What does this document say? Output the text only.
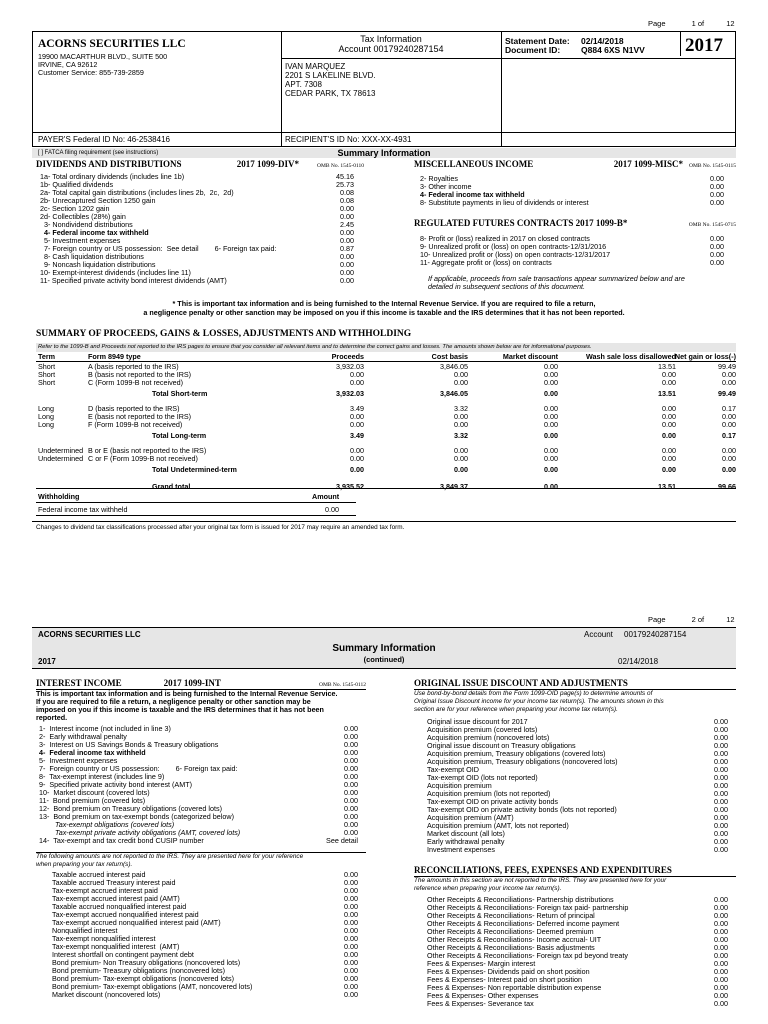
Page	1 of	12
ACORNS SECURITIES LLC
19900 MACARTHUR BLVD., SUITE 500
IRVINE, CA 92612
Customer Service: 855-739-2859
PAYER'S Federal ID No: 46-2538416
Tax Information
Account 00179240287154
IVAN MARQUEZ
2201 S LAKELINE BLVD.
APT. 7308
CEDAR PARK, TX 78613
RECIPIENT'S ID No: XXX-XX-4931
Statement Date: 02/14/2018
Document ID: Q884 6XS N1VV 2017
[ ] FATCA filing requirement (see instructions)	Summary Information
DIVIDENDS AND DISTRIBUTIONS	2017 1099-DIV*	OMB No. 1545-0110
1a- Total ordinary dividends (includes line 1b)	45.16
1b- Qualified dividends	25.73
2a- Total capital gain distributions (includes lines 2b,  2c,  2d)	0.08
2b- Unrecaptured Section 1250 gain	0.08
2c- Section 1202 gain	0.00
2d- Collectibles (28%) gain	0.00
3- Nondividend distributions	2.45
4- Federal income tax withheld	0.00
5- Investment expenses	0.00
7- Foreign country or US possession:  See detail        6- Foreign tax paid:	0.87
8- Cash liquidation distributions	0.00
9- Noncash liquidation distributions	0.00
10- Exempt-interest dividends (includes line 11)	0.00
11- Specified private activity bond interest dividends (AMT)	0.00
MISCELLANEOUS INCOME	2017 1099-MISC* OMB No. 1545-0115
2- Royalties	0.00
3- Other income	0.00
4- Federal income tax withheld	0.00
8- Substitute payments in lieu of dividends or interest	0.00
REGULATED FUTURES CONTRACTS 2017 1099-B*	OMB No. 1545-0715
8- Profit or (loss) realized in 2017 on closed contracts	0.00
9- Unrealized profit or (loss) on open contracts-12/31/2016	0.00
10- Unrealized profit or (loss) on open contracts-12/31/2017	0.00
11- Aggregate profit or (loss) on contracts	0.00
If applicable, proceeds from sale transactions appear summarized below and are
detailed in subsequent sections of this document.
* This is important tax information and is being furnished to the Internal Revenue Service. If you are required to file a return,
a negligence penalty or other sanction may be imposed on you if this income is taxable and the IRS determines that it has not been reported.
SUMMARY OF PROCEEDS, GAINS & LOSSES, ADJUSTMENTS AND WITHHOLDING
Refer to the 1099-B and Proceeds not reported to the IRS pages to ensure that you consider all relevant items and to determine the correct gains and losses. The amounts shown below are for informational purposes.
Term	Form 8949 type	Proceeds	Cost basis	Market discount	Wash sale loss disallowed
Net gain or loss(-)
Short	A (basis reported to the IRS)	3,932.03	3,846.05	0.00	13.51	99.49
Short	B (basis not reported to the IRS)	0.00	0.00	0.00	0.00	0.00
Short	C (Form 1099-B not received)	0.00	0.00	0.00	0.00	0.00
Total Short-term	3,932.03	3,846.05	0.00	13.51	99.49
Long	D (basis reported to the IRS)	3.49	3.32	0.00	0.00	0.17
Long	E (basis not reported to the IRS)	0.00	0.00	0.00	0.00	0.00
Long	F (Form 1099-B not received)	0.00	0.00	0.00	0.00	0.00
Total Long-term	3.49	3.32	0.00	0.00	0.17
Undetermined B or E (basis not reported to the IRS)	0.00	0.00	0.00	0.00	0.00
Undetermined C or F (Form 1099-B not received)	0.00	0.00	0.00	0.00	0.00
Total Undetermined-term	0.00	0.00	0.00	0.00	0.00
Grand total	3,935.52	3,849.37	0.00	13.51	99.66
Withholding	Amount
Federal income tax withheld	0.00
Changes to dividend tax classifications processed after your original tax form is issued for 2017 may require an amended tax form.
Page	2 of	12
ACORNS SECURITIES LLC	Account 00179240287154
Summary Information
(continued)
2017	02/14/2018
INTEREST INCOME	2017 1099-INT	OMB No. 1545-0112
This is important tax information and is being furnished to the Internal Revenue Service.
If you are required to file a return, a negligence penalty or other sanction may be
imposed on you if this income is taxable and the IRS determines that it has not been
reported.
1-  Interest income (not included in line 3)	0.00
2-  Early withdrawal penalty	0.00
3-  Interest on US Savings Bonds & Treasury obligations	0.00
4-  Federal income tax withheld	0.00
5-  Investment expenses	0.00
7-  Foreign country or US possession:        6- Foreign tax paid:	0.00
8-  Tax-exempt interest (includes line 9)	0.00
9-  Specified private activity bond interest (AMT)	0.00
10-  Market discount (covered lots)	0.00
11-  Bond premium (covered lots)	0.00
12-  Bond premium on Treasury obligations (covered lots)	0.00
13-  Bond premium on tax-exempt bonds (categorized below)	0.00
Tax-exempt obligations (covered lots)	0.00
Tax-exempt private activity obligations (AMT, covered lots)	0.00
14-  Tax-exempt and tax credit bond CUSIP number	See detail
The following amounts are not reported to the IRS. They are presented here for your reference
when preparing your tax return(s).
Taxable accrued interest paid	0.00
Taxable accrued Treasury interest paid	0.00
Tax-exempt accrued interest paid	0.00
Tax-exempt accrued interest paid (AMT)	0.00
Taxable accrued nonqualified interest paid	0.00
Tax-exempt accrued nonqualified interest paid	0.00
Tax-exempt accrued nonqualified interest paid (AMT)	0.00
Nonqualified interest	0.00
Tax-exempt nonqualified interest	0.00
Tax-exempt nonqualified interest  (AMT)	0.00
Interest shortfall on contingent payment debt	0.00
Bond premium- Non Treasury obligations (noncovered lots)	0.00
Bond premium- Treasury obligations (noncovered lots)	0.00
Bond premium- Tax-exempt obligations (noncovered lots)	0.00
Bond premium- Tax-exempt obligations (AMT, noncovered lots)	0.00
Market discount (noncovered lots)	0.00
ORIGINAL ISSUE DISCOUNT AND ADJUSTMENTS
Use bond-by-bond details from the Form 1099-OID page(s) to determine amounts of
Original Issue Discount income for your income tax return(s). The amounts shown in this
section are for your reference when preparing your income tax return(s).
Original issue discount for 2017	0.00
Acquisition premium (covered lots)	0.00
Acquisition premium (noncovered lots)	0.00
Original issue discount on Treasury obligations	0.00
Acquisition premium, Treasury obligations (covered lots)	0.00
Acquisition premium, Treasury obligations (noncovered lots)	0.00
Tax-exempt OID	0.00
Tax-exempt OID (lots not reported)	0.00
Acquisition premium	0.00
Acquisition premium (lots not reported)	0.00
Tax-exempt OID on private activity bonds	0.00
Tax-exempt OID on private activity bonds (lots not reported)	0.00
Acquisition premium (AMT)	0.00
Acquisition premium (AMT, lots not reported)	0.00
Market discount (all lots)	0.00
Early withdrawal penalty	0.00
Investment expenses	0.00
RECONCILIATIONS, FEES, EXPENSES AND EXPENDITURES
The amounts in this section are not reported to the IRS. They are presented here for your
reference when preparing your income tax return(s).
Other Receipts & Reconciliations- Partnership distributions	0.00
Other Receipts & Reconciliations- Foreign tax paid- partnership	0.00
Other Receipts & Reconciliations- Return of principal	0.00
Other Receipts & Reconciliations- Deferred income payment	0.00
Other Receipts & Reconciliations- Deemed premium	0.00
Other Receipts & Reconciliations- Income accrual- UIT	0.00
Other Receipts & Reconciliations- Basis adjustments	0.00
Other Receipts & Reconciliations- Foreign tax pd beyond treaty	0.00
Fees & Expenses- Margin interest	0.00
Fees & Expenses- Dividends paid on short position	0.00
Fees & Expenses- Interest paid on short position	0.00
Fees & Expenses- Non reportable distribution expense	0.00
Fees & Expenses- Other expenses	0.00
Fees & Expenses- Severance tax	0.00
